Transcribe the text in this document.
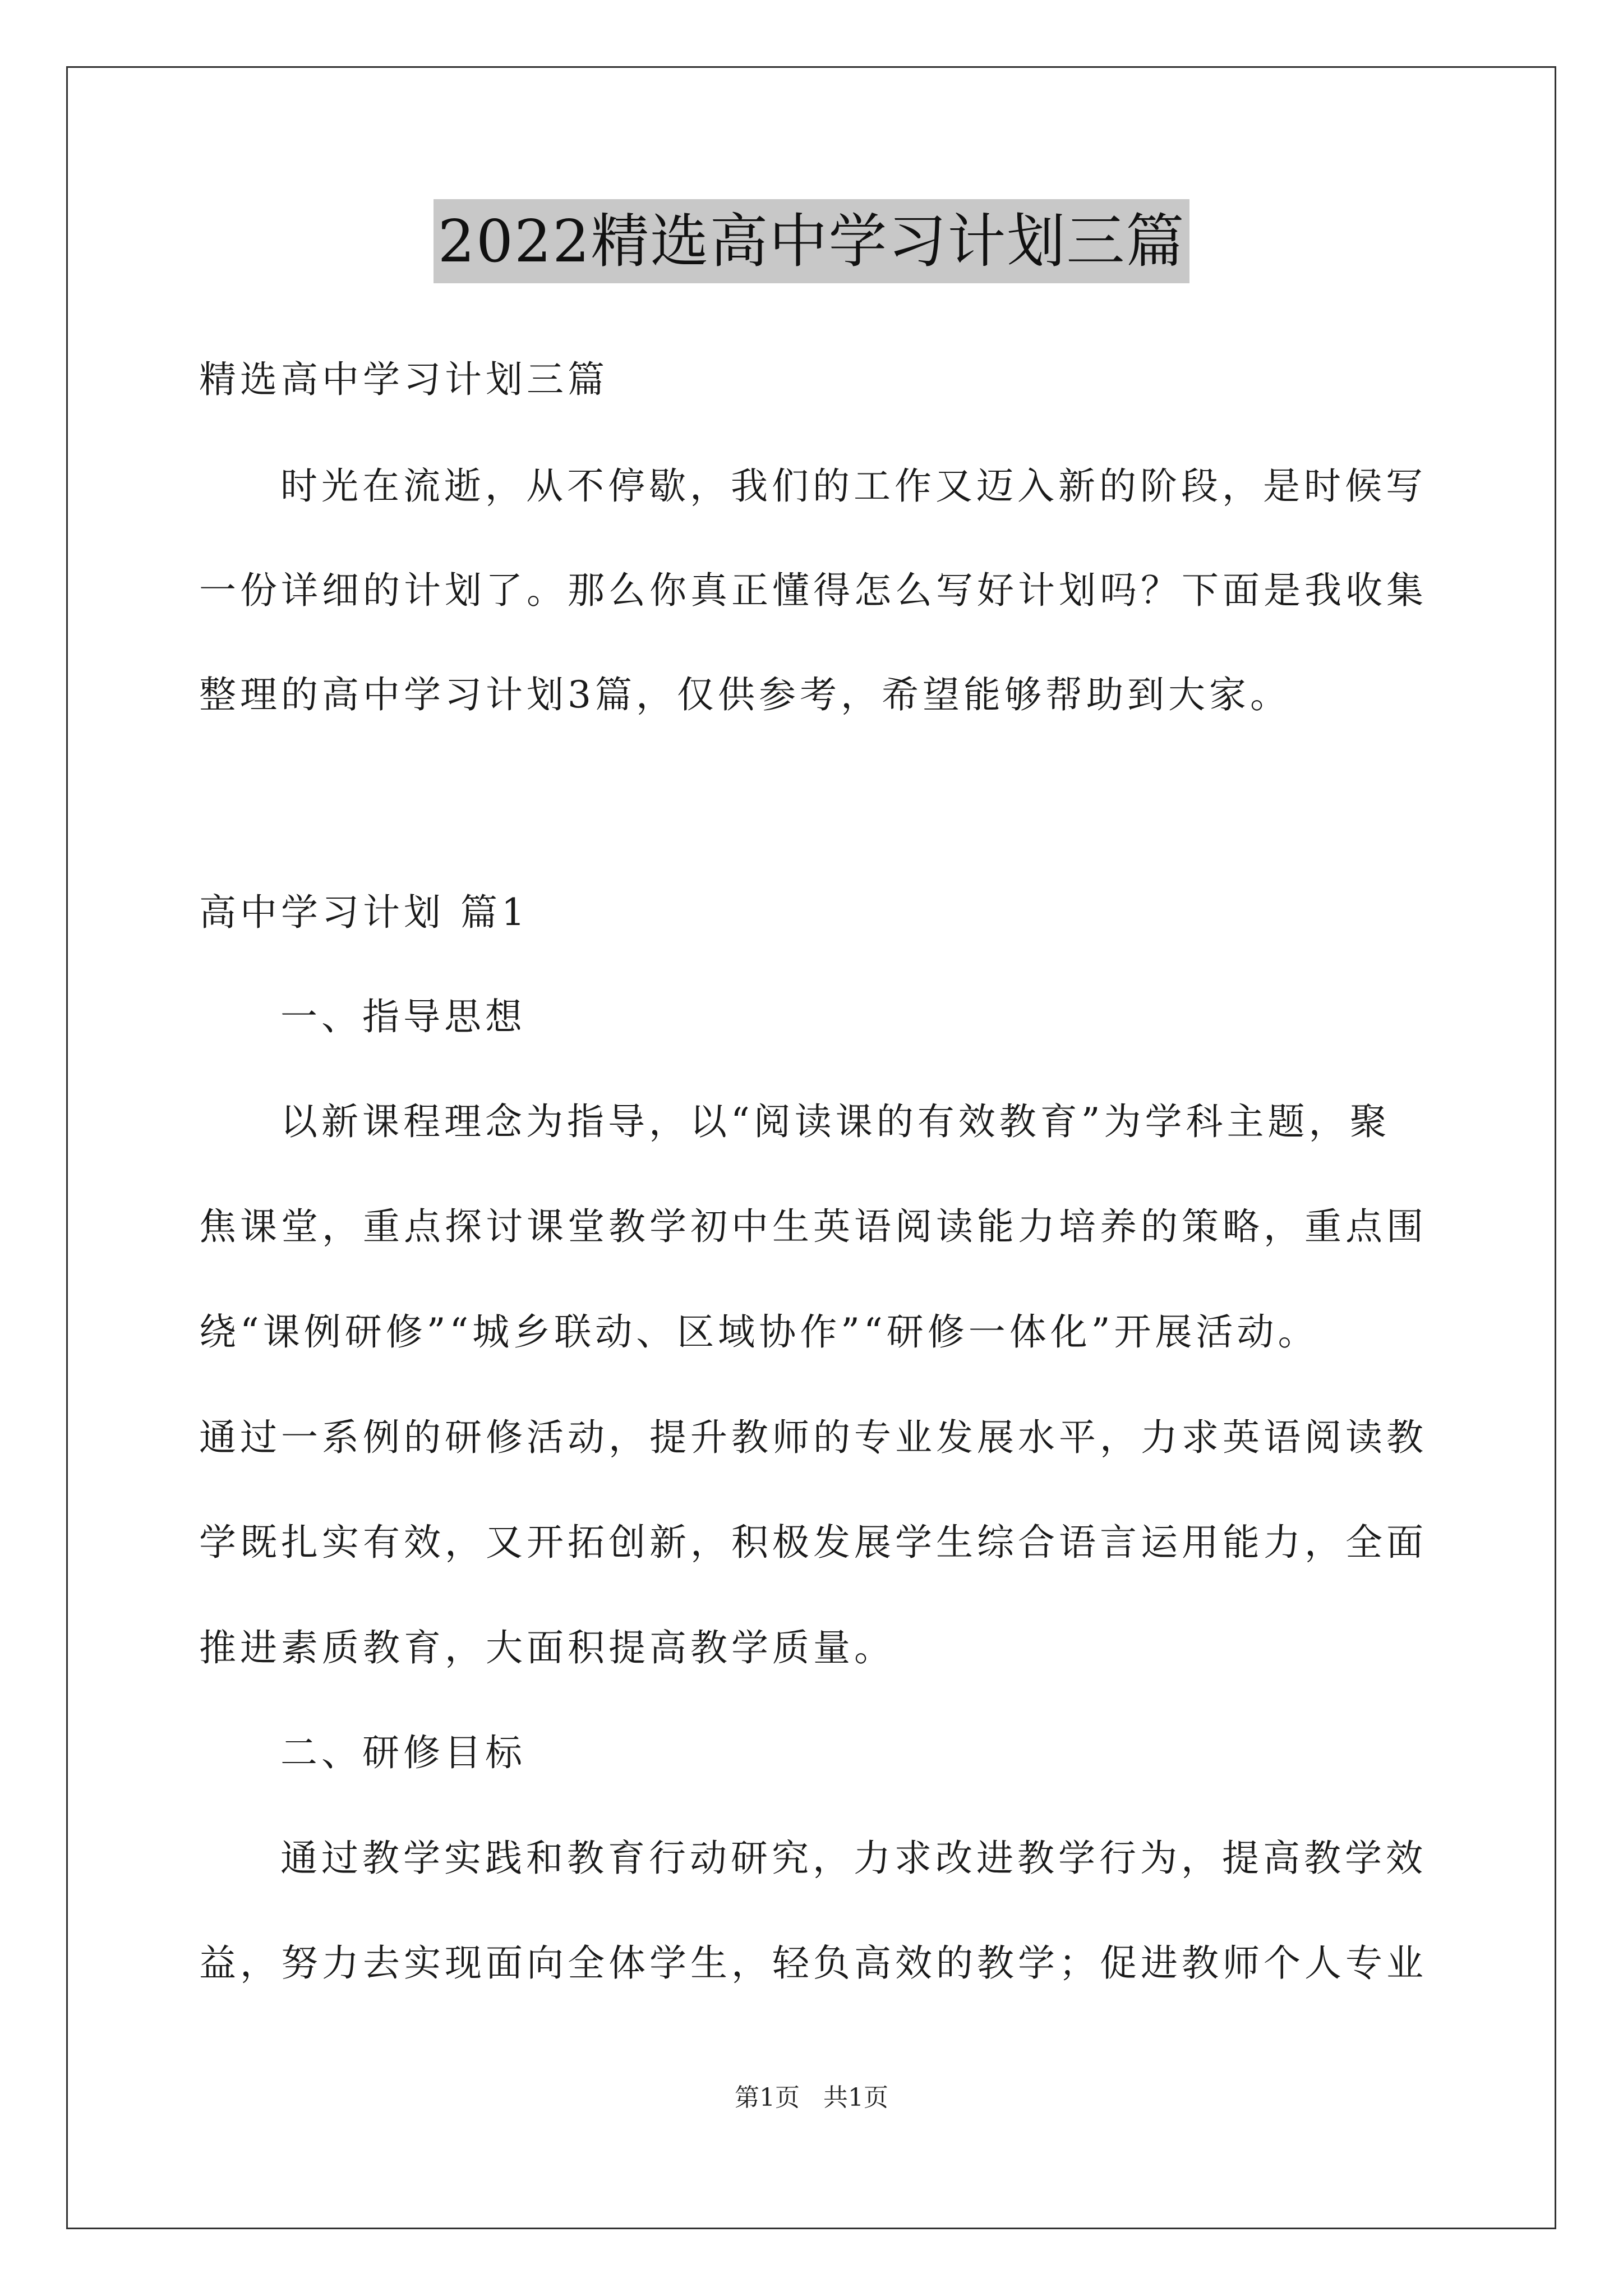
2022精选高中学习计划三篇
精选高中学习计划三篇
时光在流逝，从不停歇，我们的工作又迈入新的阶段，是时候写
一份详细的计划了。那么你真正懂得怎么写好计划吗？下面是我收集
整理的高中学习计划3篇，仅供参考，希望能够帮助到大家。
高中学习计划 篇1
一、指导思想
以新课程理念为指导，以“阅读课的有效教育”为学科主题，聚
焦课堂，重点探讨课堂教学初中生英语阅读能力培养的策略，重点围
绕“课例研修”“城乡联动、区域协作”“研修一体化”开展活动。
通过一系例的研修活动，提升教师的专业发展水平，力求英语阅读教
学既扎实有效，又开拓创新，积极发展学生综合语言运用能力，全面
推进素质教育，大面积提高教学质量。
二、研修目标
通过教学实践和教育行动研究，力求改进教学行为，提高教学效
益，努力去实现面向全体学生，轻负高效的教学；促进教师个人专业
第1页 共1页
